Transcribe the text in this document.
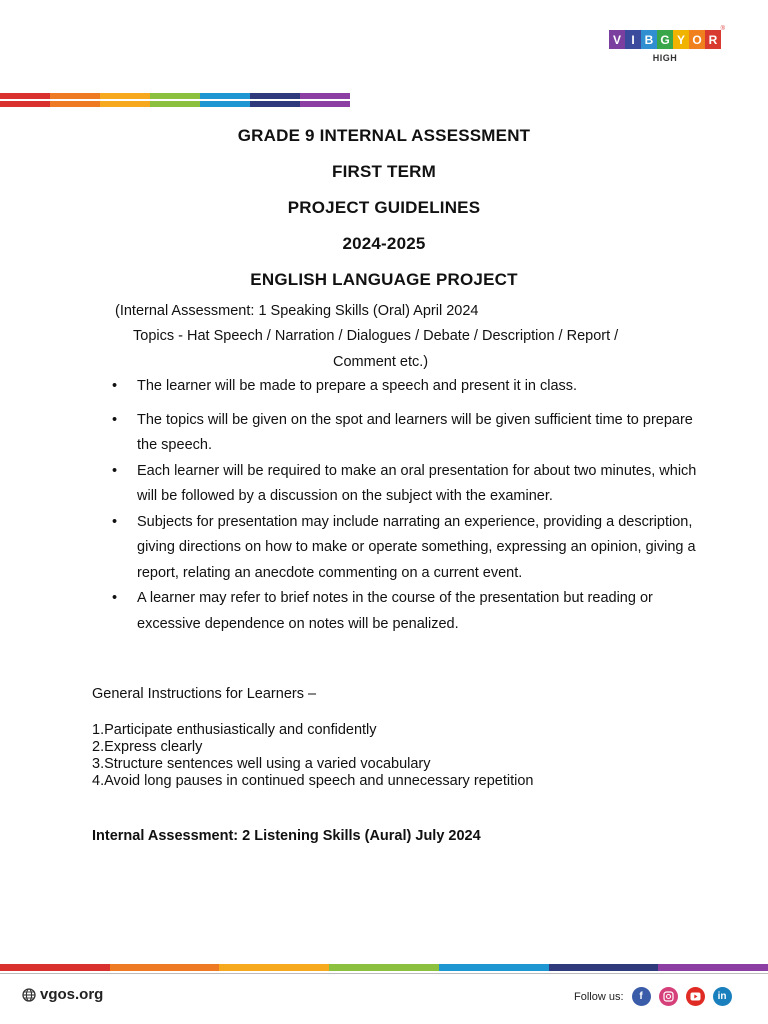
V I B G Y O R
®
HIGH
GRADE 9 INTERNAL ASSESSMENT
FIRST TERM
PROJECT GUIDELINES
2024-2025
ENGLISH LANGUAGE PROJECT
(Internal Assessment: 1 Speaking Skills (Oral) April 2024
Topics - Hat Speech / Narration / Dialogues / Debate / Description / Report /
Comment etc.)
• The learner will be made to prepare a speech and present it in class.
• The topics will be given on the spot and learners will be given sufficient time to prepare the speech.
• Each learner will be required to make an oral presentation for about two minutes, which will be followed by a discussion on the subject with the examiner.
• Subjects for presentation may include narrating an experience, providing a description, giving directions on how to make or operate something, expressing an opinion, giving a report, relating an anecdote commenting on a current event.
• A learner may refer to brief notes in the course of the presentation but reading or excessive dependence on notes will be penalized.
General Instructions for Learners –
1.Participate enthusiastically and confidently
2.Express clearly
3.Structure sentences well using a varied vocabulary
4.Avoid long pauses in continued speech and unnecessary repetition
Internal Assessment: 2 Listening Skills (Aural) July 2024
vgos.org	Follow us:	f	in
